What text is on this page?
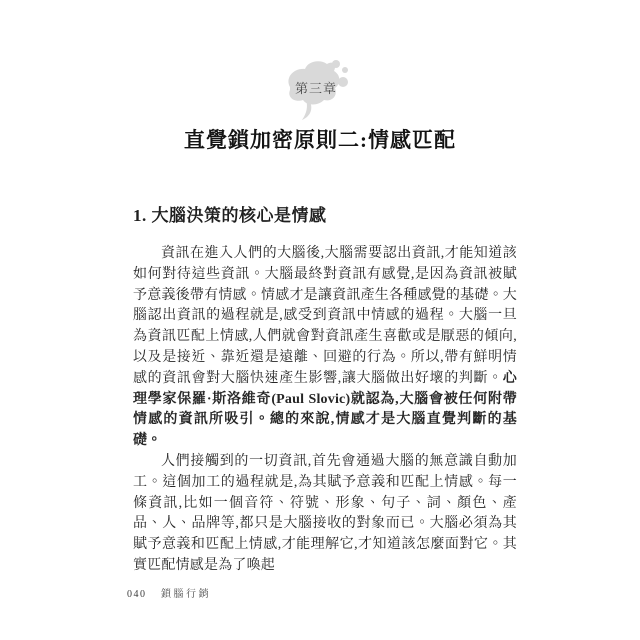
第三章
直覺鎖加密原則二:情感匹配
1. 大腦決策的核心是情感

資訊在進入人們的大腦後,大腦需要認出資訊,才能知道該如何對待這些資訊。大腦最終對資訊有感覺,是因為資訊被賦予意義後帶有情感。情感才是讓資訊產生各種感覺的基礎。大腦認出資訊的過程就是,感受到資訊中情感的過程。大腦一旦為資訊匹配上情感,人們就會對資訊產生喜歡或是厭惡的傾向,以及是接近、靠近還是遠離、回避的行為。所以,帶有鮮明情感的資訊會對大腦快速產生影響,讓大腦做出好壞的判斷。心理學家保羅·斯洛維奇(Paul Slovic)就認為,大腦會被任何附帶情感的資訊所吸引。總的來說,情感才是大腦直覺判斷的基礎。

人們接觸到的一切資訊,首先會通過大腦的無意識自動加工。這個加工的過程就是,為其賦予意義和匹配上情感。每一條資訊,比如一個音符、符號、形象、句子、詞、顏色、產品、人、品牌等,都只是大腦接收的對象而已。大腦必須為其賦予意義和匹配上情感,才能理解它,才知道該怎麼面對它。其實匹配情感是為了喚起

040 鎖腦行銷
